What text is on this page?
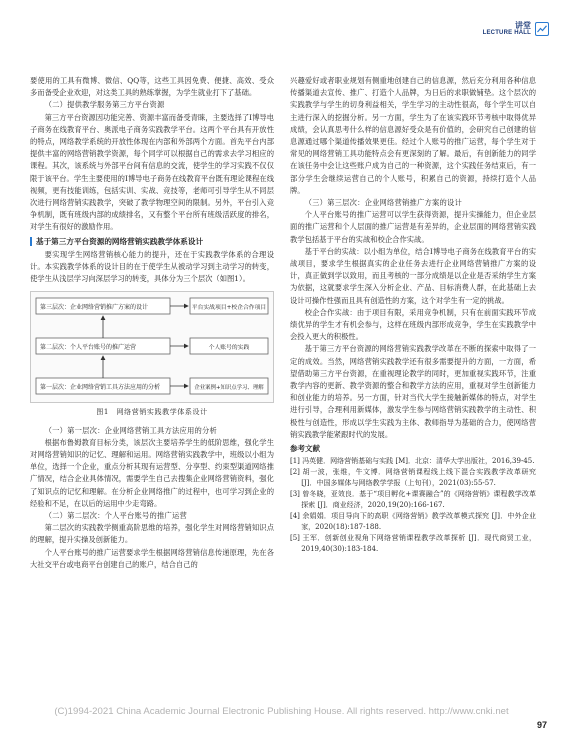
讲堂
LECTURE HALL

要使用的工具有微博、微信、QQ等，这些工具因免费、便捷、高效、受众多而备受企业欢迎，对这类工具的熟练掌握，为学生就业打下了基础。

（二）提供教学服务第三方平台资源

第三方平台资源因功能完善、资源丰富而备受青睐，主要选择了I博导电子商务在线教育平台、奥派电子商务实践教学平台。这两个平台具有开放性的特点，网络教学系统的开放性体现在内部和外部两个方面。首先平台内部提供丰富的网络营销教学资源，每个同学可以根据自己的需求去学习相应的课程。其次，该系统与外部平台间有信息的交流，使学生的学习实践不仅仅限于该平台。学生主要使用的I博导电子商务在线教育平台既有理论课程在线视频，更有技能训练，包括实训、实战、竞技等，老师可引导学生从不同层次进行网络营销实践教学，突破了教学物理空间的限制。另外，平台引入竞争机制，既有班级内部的成绩排名，又有整个平台所有班级活跃度的排名，对学生有很好的激励作用。

基于第三方平台资源的网络营销实践教学体系设计

要实现学生网络营销核心能力的提升，还在于实践教学体系的合理设计。本实践教学体系的设计目的在于使学生从被动学习到主动学习的转变，使学生从浅层学习向深层学习的转变，具体分为三个层次（如图1）。

第三层次：企业网络营销推广方案的设计	平台实战项目+校企合作项目
第二层次：个人平台账号的推广运营	个人账号的实践
第一层次：企业网络营销工具方法应用的分析	企业案例+知识点学习、理解
图1　网络营销实践教学体系设计
（一）第一层次：企业网络营销工具方法应用的分析

根据布鲁姆教育目标分类，该层次主要培养学生的低阶思维，强化学生对网络营销知识的记忆、理解和运用。网络营销实践教学中，班级以小组为单位，选择一个企业，重点分析其现有运营型、分享型、约束型渠道网络推广情况，结合企业具体情况，需要学生自己去搜集企业网络营销资料，强化了知识点的记忆和理解。在分析企业网络推广的过程中，也可学习到企业的经验和不足，在以后的运用中少走弯路。

（二）第二层次：个人平台账号的推广运营

第二层次的实践教学侧重高阶思维的培养，强化学生对网络营销知识点的理解，提升实操及创新能力。

个人平台账号的推广运营要求学生根据网络营销信息传递原理，先在各大社交平台或电商平台创建自己的账户，结合自己的

兴趣爱好或者职业规划有侧重地创建自己的信息源，然后充分利用各种信息传播渠道去宣传、推广、打造个人品牌，为日后的求职做铺垫。这个层次的实践教学与学生的切身利益相关，学生学习的主动性很高，每个学生可以自主进行深入的挖掘分析。另一方面，学生为了在该实践环节考核中取得优异成绩，会认真思考什么样的信息源好受众是有价值的，会研究自己创建的信息源通过哪个渠道传播效果更佳。经过个人账号的推广运营，每个学生对于常见的网络营销工具功能特点会有更深刻的了解。最后，有创新能力的同学在该任务中会让这些账户成为自己的一种资源，这个实践任务结束后，有一部分学生会继续运营自己的个人账号，积累自己的资源，持续打造个人品牌。

（三）第三层次：企业网络营销推广方案的设计

个人平台账号的推广运营可以学生获得资源，提升实操能力，但企业层面的推广运营和个人层面的推广运营是有差异的，企业层面的网络营销实践教学包括基于平台的实战和校企合作实战。

基于平台的实战：以小组为单位，结合I博导电子商务在线教育平台的实战项目，要求学生根据真实的企业任务去进行企业网络营销推广方案的设计，真正做到学以致用，而且考核的一部分成绩是以企业是否采纳学生方案为依据，这就要求学生深入分析企业、产品、目标消费人群，在此基础上去设计可操作性强而且具有创造性的方案，这个对学生有一定的挑战。

校企合作实战：由于项目有限，采用竞争机制，只有在前面实践环节成绩优异的学生才有机会参与，这样在班级内部形成竞争，学生在实践教学中会投入更大的积极性。

基于第三方平台资源的网络营销实践教学改革在不断的探索中取得了一定的成效。当然，网络营销实践教学还有很多需要提升的方面，一方面，希望借助第三方平台资源，在重视理论教学的同时，更加重视实践环节，注重教学内容的更新、教学资源的整合和教学方法的应用，重视对学生创新能力和创业能力的培养。另一方面，针对当代大学生接触新媒体的特点，对学生进行引导，合理利用新媒体，激发学生参与网络营销实践教学的主动性、积极性与创造性，形成以学生实践为主体、教师指导为基础的合力，使网络营销实践教学能紧跟时代的发展。

参考文献
[1] 冯英健．网络营销基础与实践 [M]．北京：清华大学出版社，2016,39-45.
[2] 胡一波，张维，牛文博．网络营销课程线上线下混合实践教学改革研究 [J]．中国多媒体与网络教学学报（上旬刊），2021(03):55-57.
[3] 曾冬晓，亚效良．基于“项目孵化+课赛融合”的《网络营销》课程教学改革探索 [J]．商业经济，2020,19(20):166-167.
[4] 余娟娟．项目导向下的高职《网络营销》教学改革模式探究 [J]．中外企业家，2020(18):187-188.
[5] 王军．创新创业视角下网络营销课程教学改革探析 [J]．现代商贸工业，2019,40(30):183-184.
(C)1994-2021 China Academic Journal Electronic Publishing House. All rights reserved. http://www.cnki.net
97
